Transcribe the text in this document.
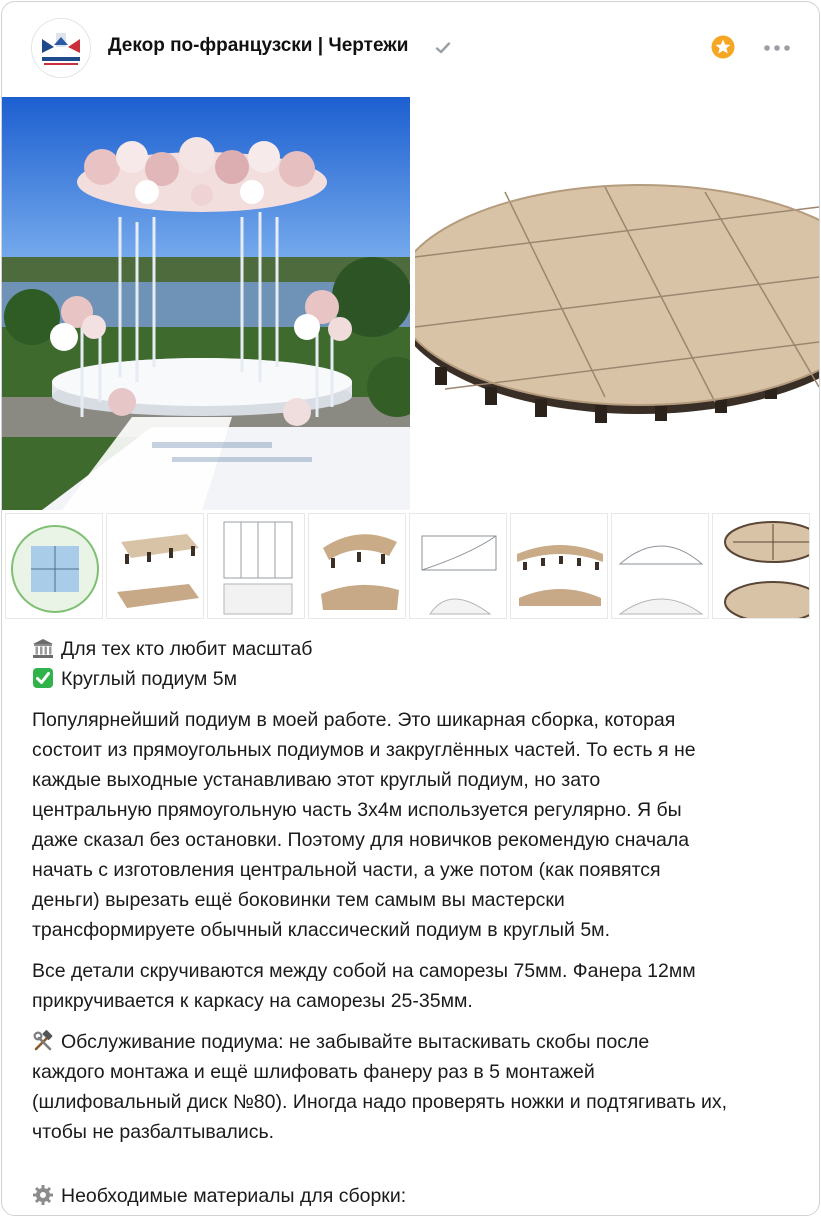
Декор по-французски | Чертежи
Для тех кто любит масштаб
Круглый подиум 5м
Популярнейший подиум в моей работе. Это шикарная сборка, которая
состоит из прямоугольных подиумов и закруглённых частей. То есть я не
каждые выходные устанавливаю этот круглый подиум, но зато
центральную прямоугольную часть 3х4м используется регулярно. Я бы
даже сказал без остановки. Поэтому для новичков рекомендую сначала
начать с изготовления центральной части, а уже потом (как появятся
деньги) вырезать ещё боковинки тем самым вы мастерски
трансформируете обычный классический подиум в круглый 5м.
Все детали скручиваются между собой на саморезы 75мм. Фанера 12мм
прикручивается к каркасу на саморезы 25-35мм.
Обслуживание подиума: не забывайте вытаскивать скобы после
каждого монтажа и ещё шлифовать фанеру раз в 5 монтажей
(шлифовальный диск №80). Иногда надо проверять ножки и подтягивать их,
чтобы не разбалтывались.
Необходимые материалы для сборки:
